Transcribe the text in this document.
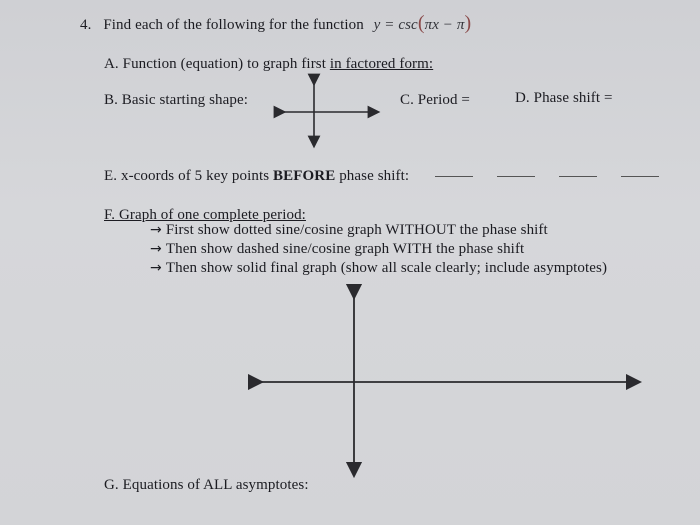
4. Find each of the following for the function y = csc(πx − π)
A. Function (equation) to graph first in factored form:
B. Basic starting shape:	C. Period =	D. Phase shift =
E. x-coords of 5 key points BEFORE phase shift:
F. Graph of one complete period:
→ First show dotted sine/cosine graph WITHOUT the phase shift
→ Then show dashed sine/cosine graph WITH the phase shift
→ Then show solid final graph (show all scale clearly; include asymptotes)
G. Equations of ALL asymptotes:
